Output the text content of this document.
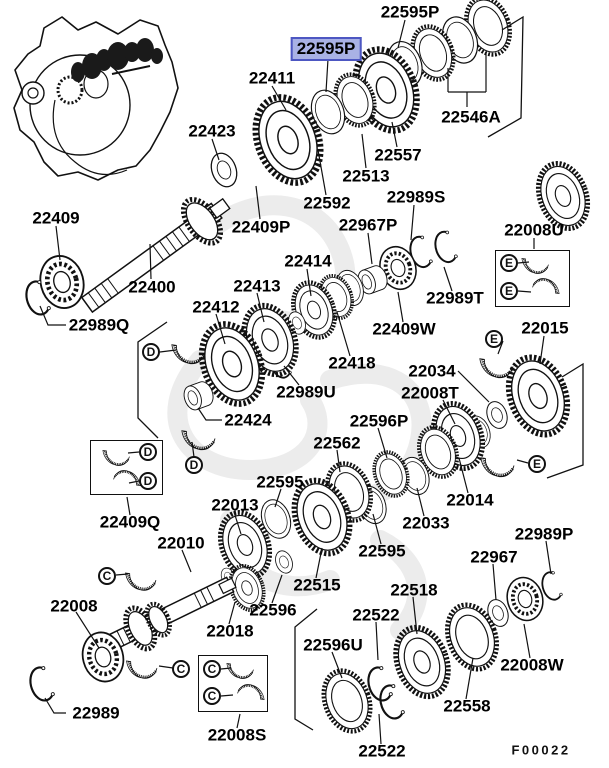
22595P
22595P
22411
22423
22546A
22557
22513
22592 22989S
22409	22409P	22967P	22008U
22414
22400	22413
22989T
22412
22989Q	22015
22409W
22418 22034
22008T
22989U
22596P
22424
22562
22595
22013	22014
22409Q	22033
22989P
22010	22595	22967
22515	22518
22008	22596	22522
22596U
22018
22008W
22558
22989
22008S
22522
D
D
D
D
E
E
E
E
C
C	C
C
F00022
